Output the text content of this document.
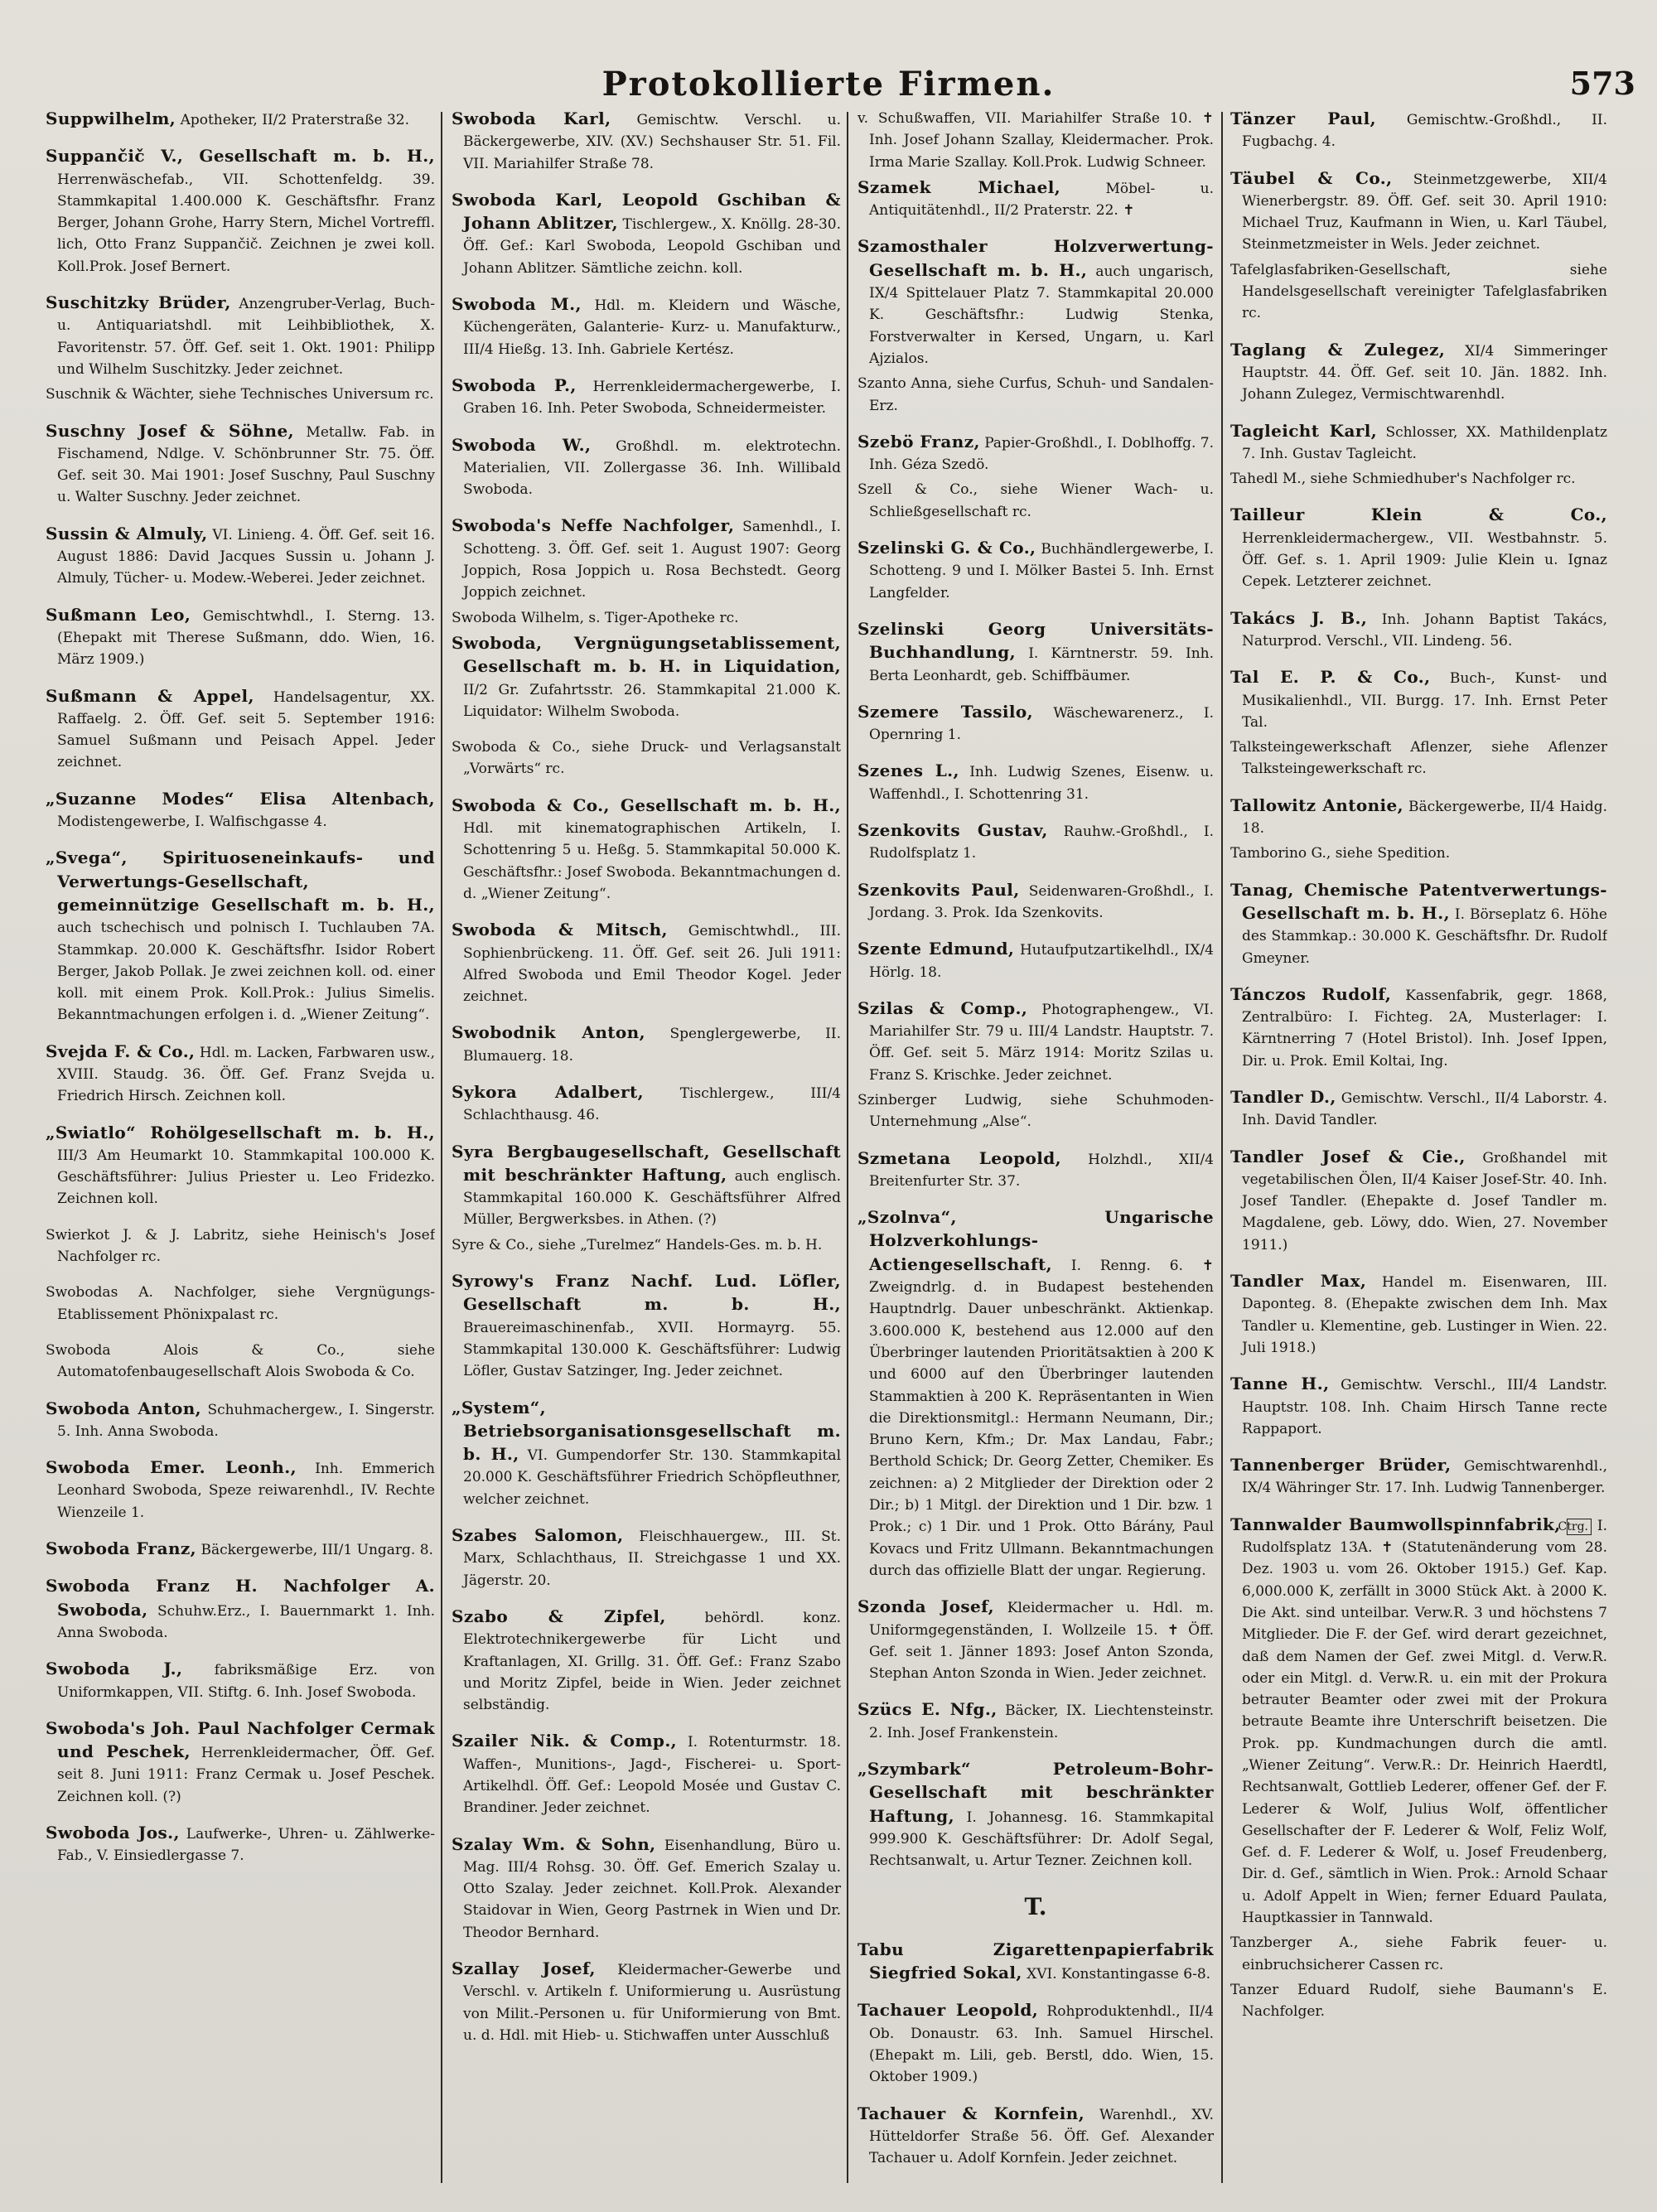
Protokollierte Firmen.	573

Suppwilhelm, Apotheker, II/2 Praterstraße 32.

Suppančič V., Gesellschaft m. b. H., Herrenwäschefab., VII. Schottenfeldg. 39. Stammkapital 1.400.000 K. Geschäftsfhr. Franz Berger, Johann Grohe, Harry Stern, Michel Vortreffl. lich, Otto Franz Suppančič. Zeichnen je zwei koll. Koll.Prok. Josef Bernert.

Suschitzky Brüder, Anzengruber-Verlag, Buch- u. Antiquariatshdl. mit Leihbibliothek, X. Favoritenstr. 57. Öff. Gef. seit 1. Okt. 1901: Philipp und Wilhelm Suschitzky. Jeder zeichnet.

Suschnik & Wächter, siehe Technisches Universum rc.

Suschny Josef & Söhne, Metallw. Fab. in Fischamend, Ndlge. V. Schönbrunner Str. 75. Öff. Gef. seit 30. Mai 1901: Josef Suschny, Paul Suschny u. Walter Suschny. Jeder zeichnet.

Sussin & Almuly, VI. Linieng. 4. Öff. Gef. seit 16. August 1886: David Jacques Sussin u. Johann J. Almuly, Tücher- u. Modew.-Weberei. Jeder zeichnet.

Sußmann Leo, Gemischtwhdl., I. Sterng. 13. (Ehepakt mit Therese Sußmann, ddo. Wien, 16. März 1909.)

Sußmann & Appel, Handelsagentur, XX. Raffaelg. 2. Öff. Gef. seit 5. September 1916: Samuel Sußmann und Peisach Appel. Jeder zeichnet.

„Suzanne Modes“ Elisa Altenbach, Modistengewerbe, I. Walfischgasse 4.

„Svega“, Spirituoseneinkaufs- und Verwertungs-Gesellschaft, gemeinnützige Gesellschaft m. b. H., auch tschechisch und polnisch I. Tuchlauben 7A. Stammkap. 20.000 K. Geschäftsfhr. Isidor Robert Berger, Jakob Pollak. Je zwei zeichnen koll. od. einer koll. mit einem Prok. Koll.Prok.: Julius Simelis. Bekanntmachungen erfolgen i. d. „Wiener Zeitung“.

Svejda F. & Co., Hdl. m. Lacken, Farbwaren usw., XVIII. Staudg. 36. Öff. Gef. Franz Svejda u. Friedrich Hirsch. Zeichnen koll.

„Swiatlo“ Rohölgesellschaft m. b. H., III/3 Am Heumarkt 10. Stammkapital 100.000 K. Geschäftsführer: Julius Priester u. Leo Fridezko. Zeichnen koll.

Swierkot J. & J. Labritz, siehe Heinisch's Josef Nachfolger rc.

Swobodas A. Nachfolger, siehe Vergnügungs-Etablissement Phönixpalast rc.

Swoboda Alois & Co., siehe Automatofenbaugesellschaft Alois Swoboda & Co.

Swoboda Anton, Schuhmachergew., I. Singerstr. 5. Inh. Anna Swoboda.

Swoboda Emer. Leonh., Inh. Emmerich Leonhard Swoboda, Speze reiwarenhdl., IV. Rechte Wienzeile 1.

Swoboda Franz, Bäckergewerbe, III/1 Ungarg. 8.

Swoboda Franz H. Nachfolger A. Swoboda, Schuhw.Erz., I. Bauernmarkt 1. Inh. Anna Swoboda.

Swoboda J., fabriksmäßige Erz. von Uniformkappen, VII. Stiftg. 6. Inh. Josef Swoboda.

Swoboda's Joh. Paul Nachfolger Cermak und Peschek, Herrenkleidermacher, Öff. Gef. seit 8. Juni 1911: Franz Cermak u. Josef Peschek. Zeichnen koll. (?)

Swoboda Jos., Laufwerke-, Uhren- u. Zählwerke-Fab., V. Einsiedlergasse 7.

Swoboda Karl, Gemischtw. Verschl. u. Bäckergewerbe, XIV. (XV.) Sechshauser Str. 51. Fil. VII. Mariahilfer Straße 78.

Swoboda Karl, Leopold Gschiban & Johann Ablitzer, Tischlergew., X. Knöllg. 28-30. Öff. Gef.: Karl Swoboda, Leopold Gschiban und Johann Ablitzer. Sämtliche zeichn. koll.

Swoboda M., Hdl. m. Kleidern und Wäsche, Küchengeräten, Galanterie- Kurz- u. Manufakturw., III/4 Hießg. 13. Inh. Gabriele Kertész.

Swoboda P., Herrenkleidermachergewerbe, I. Graben 16. Inh. Peter Swoboda, Schneidermeister.

Swoboda W., Großhdl. m. elektrotechn. Materialien, VII. Zollergasse 36. Inh. Willibald Swoboda.

Swoboda's Neffe Nachfolger, Samenhdl., I. Schotteng. 3. Öff. Gef. seit 1. August 1907: Georg Joppich, Rosa Joppich u. Rosa Bechstedt. Georg Joppich zeichnet.

Swoboda Wilhelm, s. Tiger-Apotheke rc.

Swoboda, Vergnügungsetablissement, Gesellschaft m. b. H. in Liquidation, II/2 Gr. Zufahrtsstr. 26. Stammkapital 21.000 K. Liquidator: Wilhelm Swoboda.

Swoboda & Co., siehe Druck- und Verlagsanstalt „Vorwärts“ rc.

Swoboda & Co., Gesellschaft m. b. H., Hdl. mit kinematographischen Artikeln, I. Schottenring 5 u. Heßg. 5. Stammkapital 50.000 K. Geschäftsfhr.: Josef Swoboda. Bekanntmachungen d. d. „Wiener Zeitung“.

Swoboda & Mitsch, Gemischtwhdl., III. Sophienbrückeng. 11. Öff. Gef. seit 26. Juli 1911: Alfred Swoboda und Emil Theodor Kogel. Jeder zeichnet.

Swobodnik Anton, Spenglergewerbe, II. Blumauerg. 18.

Sykora Adalbert,	Tischlergew., III/4 Schlachthausg. 46.

Syra Bergbaugesellschaft, Gesellschaft mit beschränkter Haftung, auch englisch. Stammkapital 160.000 K. Geschäftsführer Alfred Müller, Bergwerksbes. in Athen. (?)

Syre & Co., siehe „Turelmez“ Handels-Ges. m. b. H.

Syrowy's Franz Nachf. Lud. Löfler, Gesellschaft m. b. H., Brauereimaschinenfab., XVII. Hormayrg. 55. Stammkapital 130.000 K. Geschäftsführer: Ludwig Löfler, Gustav Satzinger, Ing. Jeder zeichnet.

„System“, Betriebsorganisationsgesellschaft m. b. H., VI. Gumpendorfer Str. 130. Stammkapital 20.000 K. Geschäftsführer Friedrich Schöpfleuthner, welcher zeichnet.

Szabes Salomon, Fleischhauergew., III. St. Marx, Schlachthaus, II. Streichgasse 1 und XX. Jägerstr. 20.

Szabo & Zipfel,	behördl. konz. Elektrotechnikergewerbe für Licht und Kraftanlagen, XI. Grillg. 31. Öff. Gef.: Franz Szabo und Moritz Zipfel, beide in Wien. Jeder zeichnet selbständig.

Szailer Nik. & Comp., I. Rotenturmstr. 18. Waffen-, Munitions-, Jagd-, Fischerei- u. Sport-Artikelhdl. Öff. Gef.: Leopold Mosée und Gustav C. Brandiner. Jeder zeichnet.

Szalay Wm. & Sohn, Eisenhandlung, Büro u. Mag. III/4 Rohsg. 30. Öff. Gef. Emerich Szalay u. Otto Szalay. Jeder zeichnet. Koll.Prok. Alexander Staidovar in Wien, Georg Pastrnek in Wien und Dr. Theodor Bernhard.

Szallay Josef, Kleidermacher-Gewerbe und Verschl. v. Artikeln f. Uniformierung u. Ausrüstung von Milit.-Personen u. für Uniformierung von Bmt. u. d. Hdl. mit Hieb- u. Stichwaffen unter Ausschluß

v. Schußwaffen, VII. Mariahilfer Straße 10. ✝ Inh. Josef Johann Szallay, Kleidermacher. Prok. Irma Marie Szallay. Koll.Prok. Ludwig Schneer.

Szamek Michael,	Möbel- u. Antiquitätenhdl., II/2 Praterstr. 22. ✝

Szamosthaler Holzverwertung-Gesellschaft m. b. H., auch ungarisch, IX/4 Spittelauer Platz 7. Stammkapital 20.000 K. Geschäftsfhr.: Ludwig Stenka, Forstverwalter in Kersed, Ungarn, u. Karl Ajzialos.

Szanto Anna, siehe Curfus, Schuh- und Sandalen-Erz.

Szebö Franz, Papier-Großhdl., I. Doblhoffg. 7. Inh. Géza Szedö.

Szell & Co., siehe Wiener Wach- u. Schließgesellschaft rc.

Szelinski G. & Co., Buchhändlergewerbe, I. Schotteng. 9 und I. Mölker Bastei 5. Inh. Ernst Langfelder.

Szelinski Georg Universitäts-Buchhandlung, I. Kärntnerstr. 59. Inh. Berta Leonhardt, geb. Schiffbäumer.

Szemere Tassilo, Wäschewarenerz., I. Opernring 1.

Szenes L., Inh. Ludwig Szenes, Eisenw. u. Waffenhdl., I. Schottenring 31.

Szenkovits Gustav, Rauhw.-Großhdl., I. Rudolfsplatz 1.

Szenkovits Paul, Seidenwaren-Großhdl., I. Jordang. 3. Prok. Ida Szenkovits.

Szente Edmund, Hutaufputzartikelhdl., IX/4 Hörlg. 18.

Szilas & Comp., Photographengew., VI. Mariahilfer Str. 79 u. III/4 Landstr. Hauptstr. 7. Öff. Gef. seit 5. März 1914: Moritz Szilas u. Franz S. Krischke. Jeder zeichnet.

Szinberger Ludwig, siehe Schuhmoden-Unternehmung „Alse“.

Szmetana Leopold, Holzhdl., XII/4 Breitenfurter Str. 37.

„Szolnva“, Ungarische Holzverkohlungs-Actiengesellschaft, I. Renng. 6. ✝ Zweigndrlg. d. in Budapest bestehenden Hauptndrlg. Dauer unbeschränkt. Aktienkap. 3.600.000 K, bestehend aus 12.000 auf den Überbringer lautenden Prioritätsaktien à 200 K und 6000 auf den Überbringer lautenden Stammaktien à 200 K. Repräsentanten in Wien die Direktionsmitgl.: Hermann Neumann, Dir.; Bruno Kern, Kfm.; Dr. Max Landau, Fabr.; Berthold Schick; Dr. Georg Zetter, Chemiker. Es zeichnen: a) 2 Mitglieder der Direktion oder 2 Dir.; b) 1 Mitgl. der Direktion und 1 Dir. bzw. 1 Prok.; c) 1 Dir. und 1 Prok. Otto Bárány, Paul Kovacs und Fritz Ullmann. Bekanntmachungen durch das offizielle Blatt der ungar. Regierung.

Szonda Josef, Kleidermacher u. Hdl. m. Uniformgegenständen, I. Wollzeile 15. ✝ Öff. Gef. seit 1. Jänner 1893: Josef Anton Szonda, Stephan Anton Szonda in Wien. Jeder zeichnet.

Szücs E. Nfg., Bäcker, IX. Liechtensteinstr. 2. Inh. Josef Frankenstein.

„Szymbark“ Petroleum-Bohr-Gesellschaft mit beschränkter Haftung, I. Johannesg. 16. Stammkapital 999.900 K. Geschäftsführer: Dr. Adolf Segal, Rechtsanwalt, u. Artur Tezner. Zeichnen koll.

T.

Tabu Zigarettenpapierfabrik Siegfried Sokal, XVI. Konstantingasse 6-8.

Tachauer Leopold, Rohproduktenhdl., II/4 Ob. Donaustr. 63. Inh. Samuel Hirschel. (Ehepakt m. Lili, geb. Berstl, ddo. Wien, 15. Oktober 1909.)

Tachauer & Kornfein, Warenhdl., XV. Hütteldorfer Straße 56. Öff. Gef. Alexander Tachauer u. Adolf Kornfein. Jeder zeichnet.

Tänzer Paul, Gemischtw.-Großhdl., II. Fugbachg. 4.

Täubel & Co., Steinmetzgewerbe, XII/4 Wienerbergstr. 89. Öff. Gef. seit 30. April 1910: Michael Truz, Kaufmann in Wien, u. Karl Täubel, Steinmetzmeister in Wels. Jeder zeichnet.

Tafelglasfabriken-Gesellschaft, siehe Handelsgesellschaft vereinigter Tafelglasfabriken rc.

Taglang & Zulegez, XI/4 Simmeringer Hauptstr. 44. Öff. Gef. seit 10. Jän. 1882. Inh. Johann Zulegez, Vermischtwarenhdl.

Tagleicht Karl, Schlosser, XX. Mathildenplatz 7. Inh. Gustav Tagleicht.

Tahedl M., siehe Schmiedhuber's Nachfolger rc.

Tailleur Klein & Co., Herrenkleidermachergew., VII. Westbahnstr. 5. Öff. Gef. s. 1. April 1909: Julie Klein u. Ignaz Cepek. Letzterer zeichnet.

Takács J. B., Inh. Johann Baptist Takács, Naturprod. Verschl., VII. Lindeng. 56.

Tal E. P. & Co., Buch-, Kunst- und Musikalienhdl., VII. Burgg. 17. Inh. Ernst Peter Tal.

Talksteingewerkschaft Aflenzer, siehe Aflenzer Talksteingewerkschaft rc.

Tallowitz Antonie, Bäckergewerbe, II/4 Haidg. 18.

Tamborino G., siehe Spedition.

Tanag, Chemische Patentverwertungs-Gesellschaft m. b. H., I. Börseplatz 6. Höhe des Stammkap.: 30.000 K. Geschäftsfhr. Dr. Rudolf Gmeyner.

Tánczos Rudolf, Kassenfabrik, gegr. 1868, Zentralbüro: I. Fichteg. 2A, Musterlager: I. Kärntnerring 7 (Hotel Bristol). Inh. Josef Ippen, Dir. u. Prok. Emil Koltai, Ing.

Tandler D., Gemischtw. Verschl., II/4 Laborstr. 4. Inh. David Tandler.

Tandler Josef & Cie., Großhandel mit vegetabilischen Ölen, II/4 Kaiser Josef-Str. 40. Inh. Josef Tandler. (Ehepakte d. Josef Tandler m. Magdalene, geb. Löwy, ddo. Wien, 27. November 1911.)

Tandler Max, Handel m. Eisenwaren, III. Daponteg. 8. (Ehepakte zwischen dem Inh. Max Tandler u. Klementine, geb. Lustinger in Wien. 22. Juli 1918.)

Tanne H., Gemischtw. Verschl., III/4 Landstr. Hauptstr. 108. Inh. Chaim Hirsch Tanne recte Rappaport.

Tannenberger Brüder, Gemischtwarenhdl., IX/4 Währinger Str. 17. Inh. Ludwig Tannenberger.

Tannwalder Baumwollspinnfabrik, Ctrg. I. Rudolfsplatz 13A. ✝ (Statutenänderung vom 28. Dez. 1903 u. vom 26. Oktober 1915.) Gef. Kap. 6,000.000 K, zerfällt in 3000 Stück Akt. à 2000 K. Die Akt. sind unteilbar. Verw.R. 3 und höchstens 7 Mitglieder. Die F. der Gef. wird derart gezeichnet, daß dem Namen der Gef. zwei Mitgl. d. Verw.R. oder ein Mitgl. d. Verw.R. u. ein mit der Prokura betrauter Beamter oder zwei mit der Prokura betraute Beamte ihre Unterschrift beisetzen. Die Prok. pp. Kundmachungen durch die amtl. „Wiener Zeitung“. Verw.R.: Dr. Heinrich Haerdtl, Rechtsanwalt, Gottlieb Lederer, offener Gef. der F. Lederer & Wolf, Julius Wolf, öffentlicher Gesellschafter der F. Lederer & Wolf, Feliz Wolf, Gef. d. F. Lederer & Wolf, u. Josef Freudenberg, Dir. d. Gef., sämtlich in Wien. Prok.: Arnold Schaar u. Adolf Appelt in Wien; ferner Eduard Paulata, Hauptkassier in Tannwald.

Tanzberger A., siehe Fabrik feuer- u. einbruchsicherer Cassen rc.

Tanzer Eduard Rudolf, siehe Baumann's E. Nachfolger.
